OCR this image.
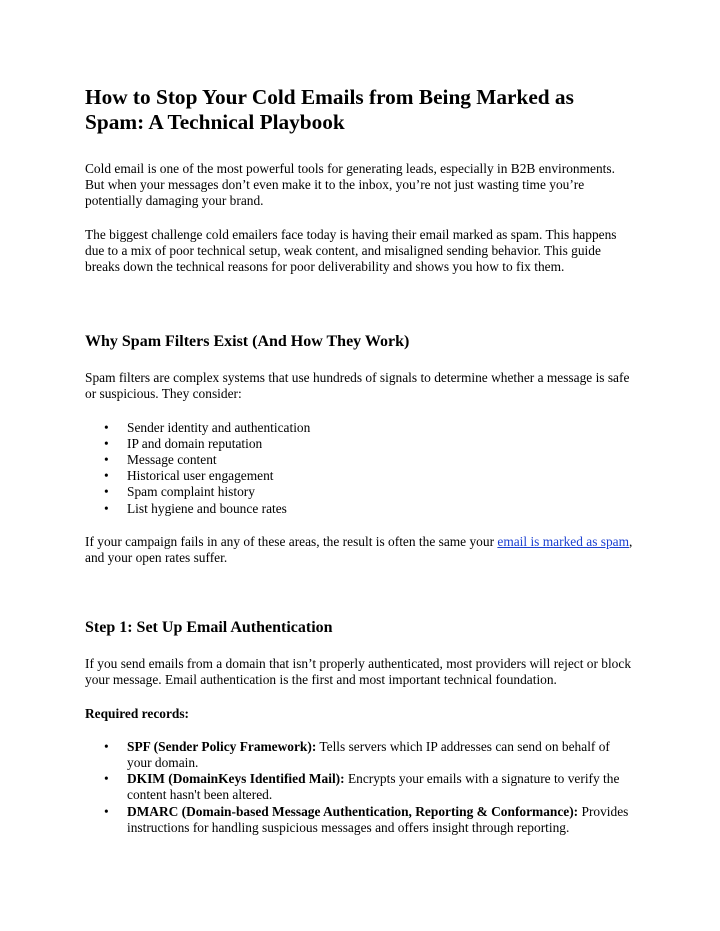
How to Stop Your Cold Emails from Being Marked as Spam: A Technical Playbook

Cold email is one of the most powerful tools for generating leads, especially in B2B environments. But when your messages don’t even make it to the inbox, you’re not just wasting time you’re potentially damaging your brand.

The biggest challenge cold emailers face today is having their email marked as spam. This happens due to a mix of poor technical setup, weak content, and misaligned sending behavior. This guide breaks down the technical reasons for poor deliverability and shows you how to fix them.

Why Spam Filters Exist (And How They Work)

Spam filters are complex systems that use hundreds of signals to determine whether a message is safe or suspicious. They consider:

• Sender identity and authentication
• IP and domain reputation
• Message content
• Historical user engagement
• Spam complaint history
• List hygiene and bounce rates

If your campaign fails in any of these areas, the result is often the same your email is marked as spam, and your open rates suffer.

Step 1: Set Up Email Authentication

If you send emails from a domain that isn’t properly authenticated, most providers will reject or block your message. Email authentication is the first and most important technical foundation.

Required records:

• SPF (Sender Policy Framework): Tells servers which IP addresses can send on behalf of your domain.
• DKIM (DomainKeys Identified Mail): Encrypts your emails with a signature to verify the content hasn't been altered.
• DMARC (Domain-based Message Authentication, Reporting & Conformance): Provides instructions for handling suspicious messages and offers insight through reporting.
